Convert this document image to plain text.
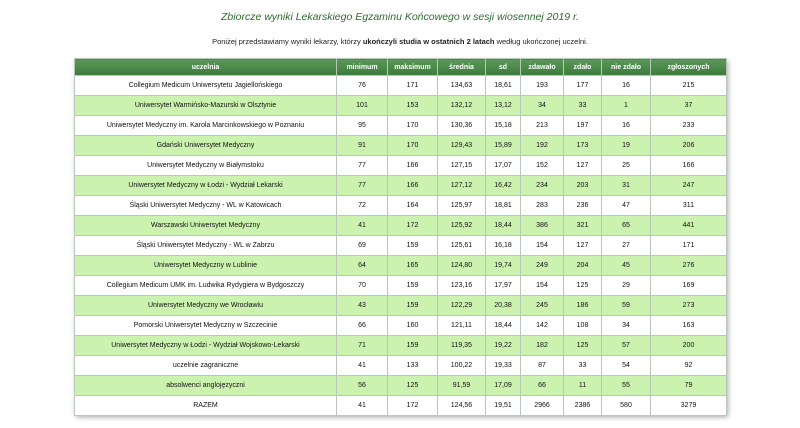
Zbiorcze wyniki Lekarskiego Egzaminu Końcowego w sesji wiosennej 2019 r.
Poniżej przedstawiamy wyniki lekarzy, którzy ukończyli studia w ostatnich 2 latach według ukończonej uczelni.
uczelnia	minimum	maksimum	średnia	sd	zdawało	zdało	nie zdało	zgłoszonych
Collegium Medicum Uniwersytetu Jagiellońskiego	76	171	134,63	18,61	193	177	16	215
Uniwersytet Warmińsko-Mazurski w Olsztynie	101	153	132,12	13,12	34	33	1	37
Uniwersytet Medyczny im. Karola Marcinkowskiego w Poznaniu	95	170	130,36	15,18	213	197	16	233
Gdański Uniwersytet Medyczny	91	170	129,43	15,89	192	173	19	206
Uniwersytet Medyczny w Białymstoku	77	166	127,15	17,07	152	127	25	166
Uniwersytet Medyczny w Łodzi - Wydział Lekarski	77	166	127,12	16,42	234	203	31	247
Śląski Uniwersytet Medyczny - WL w Katowicach	72	164	125,97	18,81	283	236	47	311
Warszawski Uniwersytet Medyczny	41	172	125,92	18,44	386	321	65	441
Śląski Uniwersytet Medyczny - WL w Zabrzu	69	159	125,61	16,18	154	127	27	171
Uniwersytet Medyczny w Lublinie	64	165	124,80	19,74	249	204	45	276
Collegium Medicum UMK im. Ludwika Rydygiera w Bydgoszczy	70	159	123,16	17,97	154	125	29	169
Uniwersytet Medyczny we Wrocławiu	43	159	122,29	20,38	245	186	59	273
Pomorski Uniwersytet Medyczny w Szczecinie	66	160	121,11	18,44	142	108	34	163
Uniwersytet Medyczny w Łodzi - Wydział Wojskowo-Lekarski	71	159	119,35	19,22	182	125	57	200
uczelnie zagraniczne	41	133	100,22	19,33	87	33	54	92
absolwenci anglojęzyczni	56	125	91,59	17,09	66	11	55	79
RAZEM	41	172	124,56	19,51	2966	2386	580	3279
